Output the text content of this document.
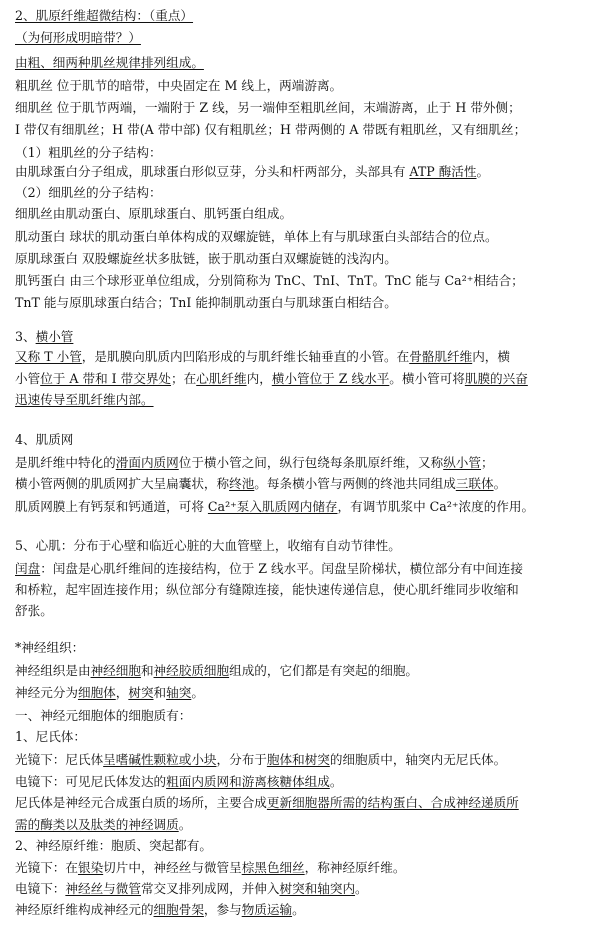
2、肌原纤维超微结构：（重点）
（为何形成明暗带？）
由粗、细两种肌丝规律排列组成。
粗肌丝 位于肌节的暗带，中央固定在 M 线上，两端游离。
细肌丝 位于肌节两端，一端附于 Z 线，另一端伸至粗肌丝间，末端游离，止于 H 带外侧；
I 带仅有细肌丝；H 带(A 带中部) 仅有粗肌丝；H 带两侧的 A 带既有粗肌丝，又有细肌丝；
（1）粗肌丝的分子结构：
由肌球蛋白分子组成，肌球蛋白形似豆芽，分头和杆两部分，头部具有 ATP 酶活性。
（2）细肌丝的分子结构：
细肌丝由肌动蛋白、原肌球蛋白、肌钙蛋白组成。
肌动蛋白 球状的肌动蛋白单体构成的双螺旋链，单体上有与肌球蛋白头部结合的位点。
原肌球蛋白 双股螺旋丝状多肽链，嵌于肌动蛋白双螺旋链的浅沟内。
肌钙蛋白 由三个球形亚单位组成，分别简称为 TnC、TnI、TnT。TnC 能与 Ca²⁺相结合；
TnT 能与原肌球蛋白结合；TnI 能抑制肌动蛋白与肌球蛋白相结合。
3、横小管
又称 T 小管，是肌膜向肌质内凹陷形成的与肌纤维长轴垂直的小管。在骨骼肌纤维内，横
小管位于 A 带和 I 带交界处；在心肌纤维内，横小管位于 Z 线水平。横小管可将肌膜的兴奋
迅速传导至肌纤维内部。
4、肌质网
是肌纤维中特化的滑面内质网位于横小管之间，纵行包绕每条肌原纤维，又称纵小管；
横小管两侧的肌质网扩大呈扁囊状，称终池。每条横小管与两侧的终池共同组成三联体。
肌质网膜上有钙泵和钙通道，可将 Ca²⁺泵入肌质网内储存，有调节肌浆中 Ca²⁺浓度的作用。
5、心肌：分布于心壁和临近心脏的大血管壁上，收缩有自动节律性。
闰盘：闰盘是心肌纤维间的连接结构，位于 Z 线水平。闰盘呈阶梯状，横位部分有中间连接
和桥粒，起牢固连接作用；纵位部分有缝隙连接，能快速传递信息，使心肌纤维同步收缩和
舒张。
*神经组织：
神经组织是由神经细胞和神经胶质细胞组成的，它们都是有突起的细胞。
神经元分为细胞体，树突和轴突。
一、神经元细胞体的细胞质有：
1、尼氏体：
光镜下：尼氏体呈嗜碱性颗粒或小块，分布于胞体和树突的细胞质中，轴突内无尼氏体。
电镜下：可见尼氏体发达的粗面内质网和游离核糖体组成。
尼氏体是神经元合成蛋白质的场所，主要合成更新细胞器所需的结构蛋白、合成神经递质所
需的酶类以及肽类的神经调质。
2、神经原纤维：胞质、突起都有。
光镜下：在银染切片中，神经丝与微管呈棕黑色细丝，称神经原纤维。
电镜下：神经丝与微管常交叉排列成网，并伸入树突和轴突内。
神经原纤维构成神经元的细胞骨架，参与物质运输。
